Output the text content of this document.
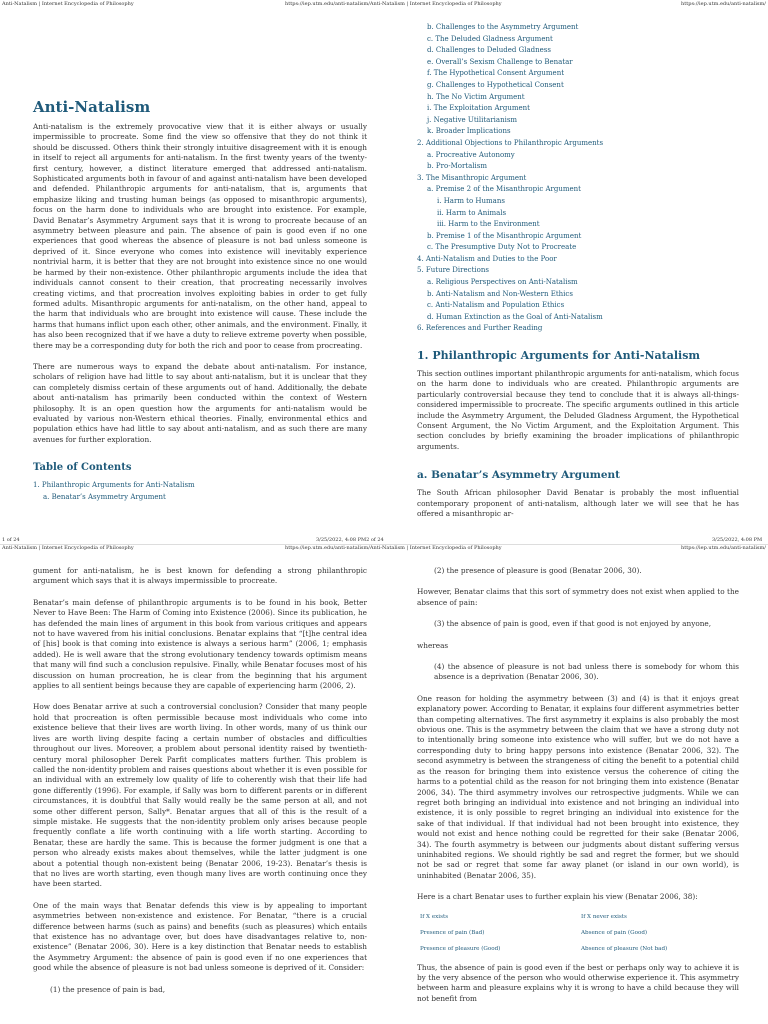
Anti-Natalism | Internet Encyclopedia of Philosophy	https://iep.utm.edu/anti-natalism/Anti-Natalism | Internet Encyclopedia of Philosophy	https://iep.utm.edu/anti-natalism/
Anti-Natalism

Anti-natalism is the extremely provocative view that it is either always or usually impermissible to procreate. Some find the view so offensive that they do not think it should be discussed. Others think their strongly intuitive disagreement with it is enough in itself to reject all arguments for anti-natalism. In the first twenty years of the twenty-first century, however, a distinct literature emerged that addressed anti-natalism. Sophisticated arguments both in favour of and against anti-natalism have been developed and defended. Philanthropic arguments for anti-natalism, that is, arguments that emphasize liking and trusting human beings (as opposed to misanthropic arguments), focus on the harm done to individuals who are brought into existence. For example, David Benatar’s Asymmetry Argument says that it is wrong to procreate because of an asymmetry between pleasure and pain. The absence of pain is good even if no one experiences that good whereas the absence of pleasure is not bad unless someone is deprived of it. Since everyone who comes into existence will inevitably experience nontrivial harm, it is better that they are not brought into existence since no one would be harmed by their non-existence. Other philanthropic arguments include the idea that individuals cannot consent to their creation, that procreating necessarily involves creating victims, and that procreation involves exploiting babies in order to get fully formed adults. Misanthropic arguments for anti-natalism, on the other hand, appeal to the harm that individuals who are brought into existence will cause. These include the harms that humans inflict upon each other, other animals, and the environment. Finally, it has also been recognized that if we have a duty to relieve extreme poverty when possible, there may be a corresponding duty for both the rich and poor to cease from procreating.

There are numerous ways to expand the debate about anti-natalism. For instance, scholars of religion have had little to say about anti-natalism, but it is unclear that they can completely dismiss certain of these arguments out of hand. Additionally, the debate about anti-natalism has primarily been conducted within the context of Western philosophy. It is an open question how the arguments for anti-natalism would be evaluated by various non-Western ethical theories. Finally, environmental ethics and population ethics have had little to say about anti-natalism, and as such there are many avenues for further exploration.

Table of Contents
1. Philanthropic Arguments for Anti-Natalism
a. Benatar’s Asymmetry Argument
b. Challenges to the Asymmetry Argument
c. The Deluded Gladness Argument
d. Challenges to Deluded Gladness
e. Overall’s Sexism Challenge to Benatar
f. The Hypothetical Consent Argument
g. Challenges to Hypothetical Consent
h. The No Victim Argument
i. The Exploitation Argument
j. Negative Utilitarianism
k. Broader Implications
2. Additional Objections to Philanthropic Arguments
a. Procreative Autonomy
b. Pro-Mortalism
3. The Misanthropic Argument
a. Premise 2 of the Misanthropic Argument
i. Harm to Humans
ii. Harm to Animals
iii. Harm to the Environment
b. Premise 1 of the Misanthropic Argument
c. The Presumptive Duty Not to Procreate
4. Anti-Natalism and Duties to the Poor
5. Future Directions
a. Religious Perspectives on Anti-Natalism
b. Anti-Natalism and Non-Western Ethics
c. Anti-Natalism and Population Ethics
d. Human Extinction as the Goal of Anti-Natalism
6. References and Further Reading
1. Philanthropic Arguments for Anti-Natalism

This section outlines important philanthropic arguments for anti-natalism, which focus on the harm done to individuals who are created. Philanthropic arguments are particularly controversial because they tend to conclude that it is always all-things-considered impermissible to procreate. The specific arguments outlined in this article include the Asymmetry Argument, the Deluded Gladness Argument, the Hypothetical Consent Argument, the No Victim Argument, and the Exploitation Argument. This section concludes by briefly examining the broader implications of philanthropic arguments.

a. Benatar’s Asymmetry Argument

The South African philosopher David Benatar is probably the most influential contemporary proponent of anti-natalism, although later we will see that he has offered a misanthropic ar-

1 of 24	3/25/2022, 4:08 PM2 of 24	3/25/2022, 4:08 PM
Anti-Natalism | Internet Encyclopedia of Philosophy	https://iep.utm.edu/anti-natalism/Anti-Natalism | Internet Encyclopedia of Philosophy	https://iep.utm.edu/anti-natalism/

gument for anti-natalism, he is best known for defending a strong philanthropic argument which says that it is always impermissible to procreate.

Benatar’s main defense of philanthropic arguments is to be found in his book, Better Never to Have Been: The Harm of Coming into Existence (2006). Since its publication, he has defended the main lines of argument in this book from various critiques and appears not to have wavered from his initial conclusions. Benatar explains that “[t]he central idea of [his] book is that coming into existence is always a serious harm” (2006, 1; emphasis added). He is well aware that the strong evolutionary tendency towards optimism means that many will find such a conclusion repulsive. Finally, while Benatar focuses most of his discussion on human procreation, he is clear from the beginning that his argument applies to all sentient beings because they are capable of experiencing harm (2006, 2).

How does Benatar arrive at such a controversial conclusion? Consider that many people hold that procreation is often permissible because most individuals who come into existence believe that their lives are worth living. In other words, many of us think our lives are worth living despite facing a certain number of obstacles and difficulties throughout our lives. Moreover, a problem about personal identity raised by twentieth-century moral philosopher Derek Parfit complicates matters further. This problem is called the non-identity problem and raises questions about whether it is even possible for an individual with an extremely low quality of life to coherently wish that their life had gone differently (1996). For example, if Sally was born to different parents or in different circumstances, it is doubtful that Sally would really be the same person at all, and not some other different person, Sally*. Benatar argues that all of this is the result of a simple mistake. He suggests that the non-identity problem only arises because people frequently conflate a life worth continuing with a life worth starting. According to Benatar, these are hardly the same. This is because the former judgment is one that a person who already exists makes about themselves, while the latter judgment is one about a potential though non-existent being (Benatar 2006, 19-23). Benatar’s thesis is that no lives are worth starting, even though many lives are worth continuing once they have been started.

One of the main ways that Benatar defends this view is by appealing to important asymmetries between non-existence and existence. For Benatar, “there is a crucial difference between harms (such as pains) and benefits (such as pleasures) which entails that existence has no advantage over, but does have disadvantages relative to, non-existence” (Benatar 2006, 30). Here is a key distinction that Benatar needs to establish the Asymmetry Argument: the absence of pain is good even if no one experiences that good while the absence of pleasure is not bad unless someone is deprived of it. Consider:

(1) the presence of pain is bad,

(2) the presence of pleasure is good (Benatar 2006, 30).

However, Benatar claims that this sort of symmetry does not exist when applied to the absence of pain:

(3) the absence of pain is good, even if that good is not enjoyed by anyone,

whereas

(4) the absence of pleasure is not bad unless there is somebody for whom this absence is a deprivation (Benatar 2006, 30).

One reason for holding the asymmetry between (3) and (4) is that it enjoys great explanatory power. According to Benatar, it explains four different asymmetries better than competing alternatives. The first asymmetry it explains is also probably the most obvious one. This is the asymmetry between the claim that we have a strong duty not to intentionally bring someone into existence who will suffer, but we do not have a corresponding duty to bring happy persons into existence (Benatar 2006, 32). The second asymmetry is between the strangeness of citing the benefit to a potential child as the reason for bringing them into existence versus the coherence of citing the harms to a potential child as the reason for not bringing them into existence (Benatar 2006, 34). The third asymmetry involves our retrospective judgments. While we can regret both bringing an individual into existence and not bringing an individual into existence, it is only possible to regret bringing an individual into existence for the sake of that individual. If that individual had not been brought into existence, they would not exist and hence nothing could be regretted for their sake (Benatar 2006, 34). The fourth asymmetry is between our judgments about distant suffering versus uninhabited regions. We should rightly be sad and regret the former, but we should not be sad or regret that some far away planet (or island in our own world), is uninhabited (Benatar 2006, 35).

Here is a chart Benatar uses to further explain his view (Benatar 2006, 38):

If X exists	If X never exists
Presence of pain (Bad)	Absence of pain (Good)
Presence of pleasure (Good)	Absence of pleasure (Not bad)

Thus, the absence of pain is good even if the best or perhaps only way to achieve it is by the very absence of the person who would otherwise experience it. This asymmetry between harm and pleasure explains why it is wrong to have a child because they will not benefit from
